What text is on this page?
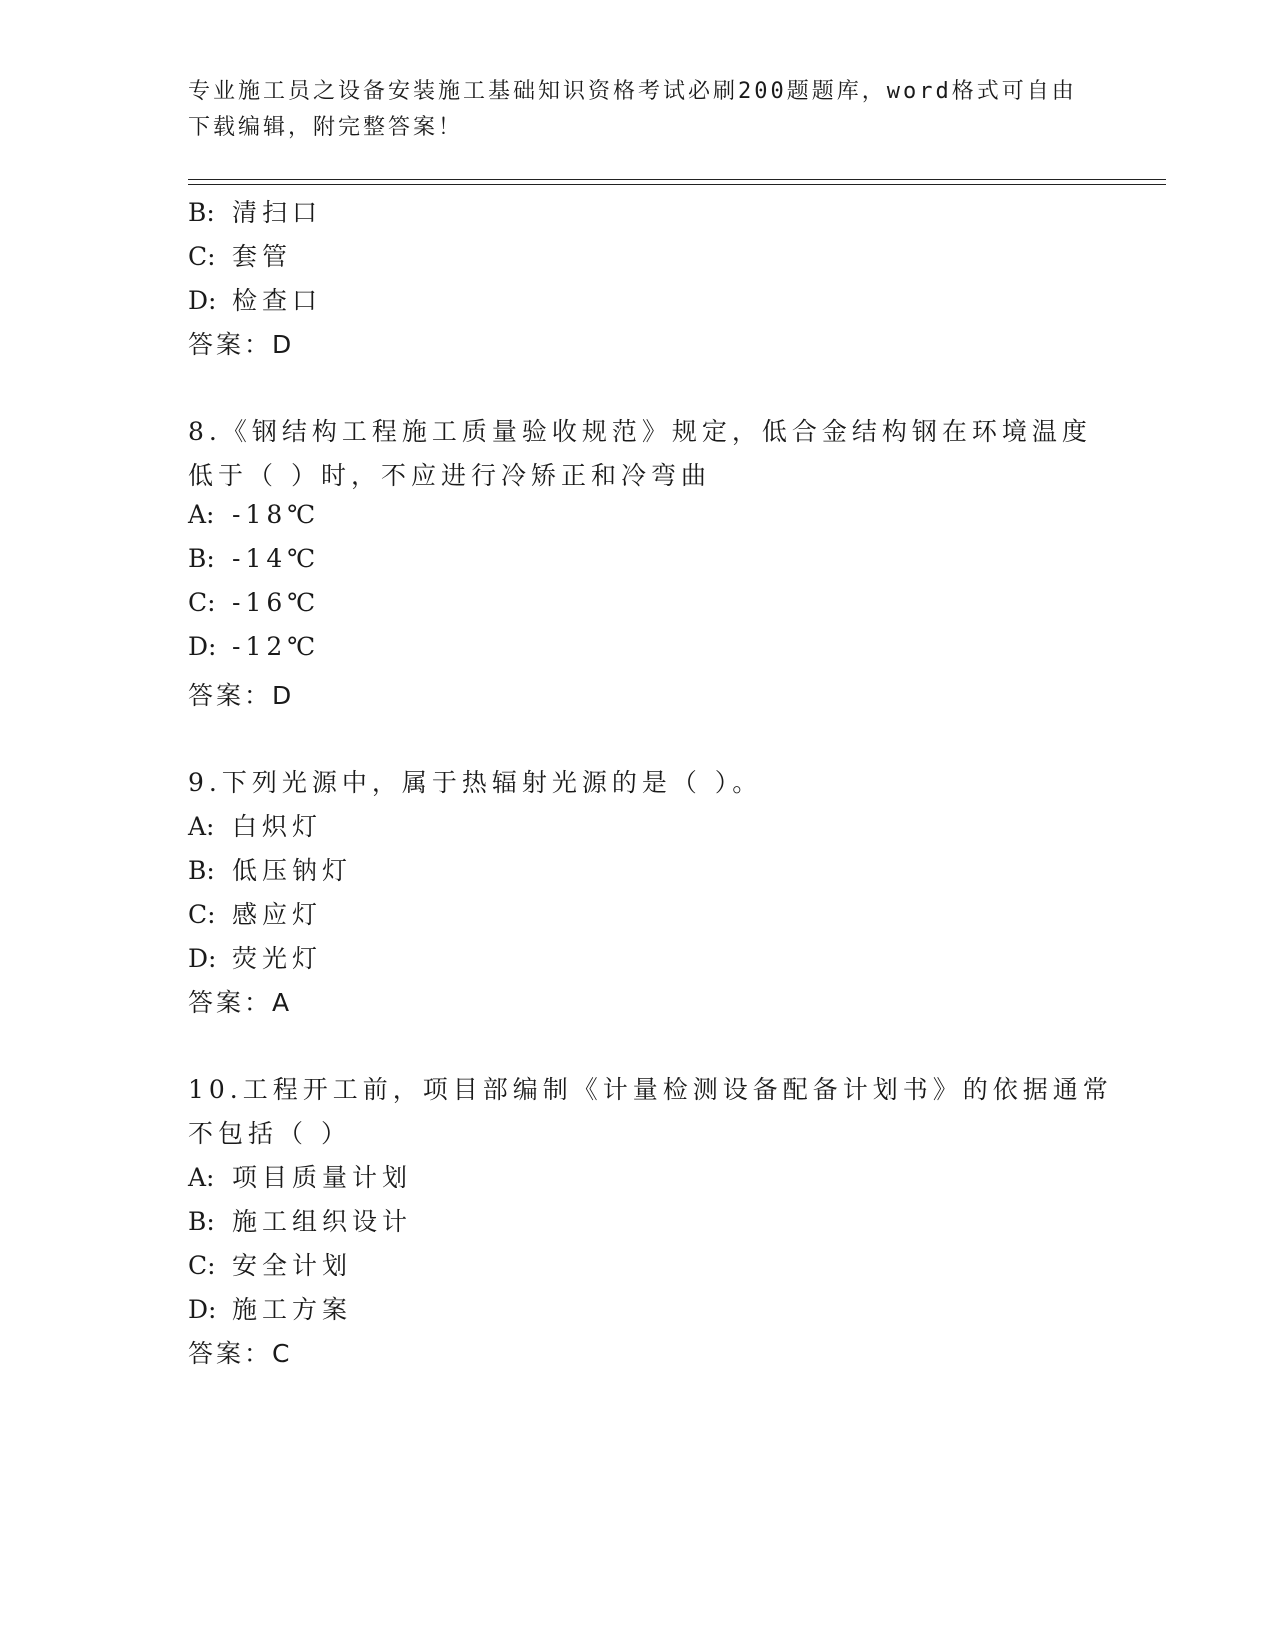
专业施工员之设备安装施工基础知识资格考试必刷200题题库，word格式可自由
下载编辑，附完整答案！
B: 清扫口
C: 套管
D: 检查口
答案：D
8.《钢结构工程施工质量验收规范》规定，低合金结构钢在环境温度
低于（ ）时，不应进行冷矫正和冷弯曲
A: -18℃
B: -14℃
C: -16℃
D: -12℃
答案：D
9.下列光源中，属于热辐射光源的是（ ）。
A: 白炽灯
B: 低压钠灯
C: 感应灯
D: 荧光灯
答案：A
10.工程开工前，项目部编制《计量检测设备配备计划书》的依据通常
不包括（ ）
A: 项目质量计划
B: 施工组织设计
C: 安全计划
D: 施工方案
答案：C
